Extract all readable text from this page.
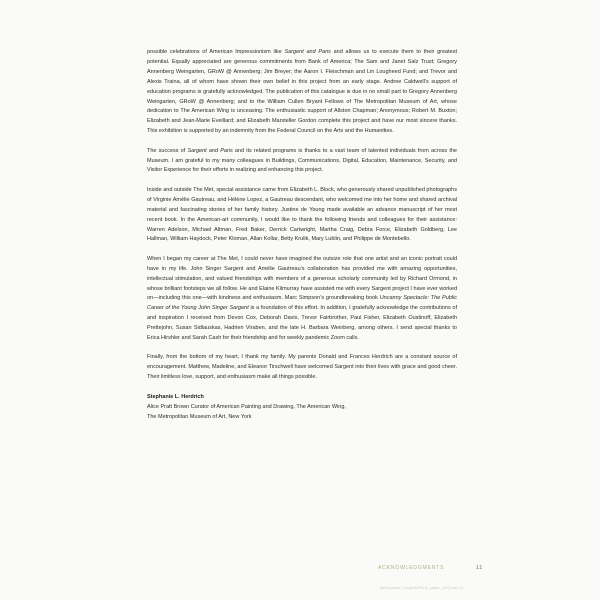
possible celebrations of American Impressionism like Sargent and Paris and allows us to execute them to their greatest potential. Equally appreciated are generous commitments from Bank of America; The Sam and Janet Salz Trust; Gregory Annenberg Weingarten, GRoW @ Annenberg; Jim Breyer; the Aaron I. Fleischman and Lin Lougheed Fund; and Trevor and Alexis Traina, all of whom have shown their own belief in this project from an early stage. Andree Caldwell’s support of education programs is gratefully acknowledged. The publication of this catalogue is due in no small part to Gregory Annenberg Weingarten, GRoW @ Annenberg; and to the William Cullen Bryant Fellows of The Metropolitan Museum of Art, whose dedication to The American Wing is unceasing. The enthusiastic support of Allston Chapman; Anonymous; Robert M. Buxton; Elizabeth and Jean-Marie Eveillard; and Elizabeth Marsteller Gordon complete this project and have our most sincere thanks. This exhibition is supported by an indemnity from the Federal Council on the Arts and the Humanities.

The success of Sargent and Paris and its related programs is thanks to a vast team of talented individuals from across the Museum. I am grateful to my many colleagues in Buildings, Communications, Digital, Education, Maintenance, Security, and Visitor Experience for their efforts in realizing and enhancing this project.

Inside and outside The Met, special assistance came from Elizabeth L. Block, who generously shared unpublished photographs of Virginie Amélie Gautreau, and Hélène Lopez, a Gautreau descendant, who welcomed me into her home and shared archival material and fascinating stories of her family history. Justine de Young made available an advance manuscript of her most recent book. In the American-art community, I would like to thank the following friends and colleagues for their assistance: Warren Adelson, Michael Altman, Fred Baker, Derrick Cartwright, Martha Craig, Debra Force, Elizabeth Goldberg, Lee Hallman, William Haydock, Peter Kloman, Allan Kollar, Betty Krulik, Mary Lublin, and Philippe de Montebello.

When I began my career at The Met, I could never have imagined the outsize role that one artist and an iconic portrait could have in my life. John Singer Sargent and Amélie Gautreau’s collaboration has provided me with amazing opportunities, intellectual stimulation, and valued friendships with members of a generous scholarly community led by Richard Ormond, in whose brilliant footsteps we all follow. He and Elaine Kilmurray have assisted me with every Sargent project I have ever worked on—including this one—with kindness and enthusiasm. Marc Simpson’s groundbreaking book Uncanny Spectacle: The Public Career of the Young John Singer Sargent is a foundation of this effort. In addition, I gratefully acknowledge the contributions of and inspiration I received from Devon Cox, Deborah Davis, Trevor Fairbrother, Paul Fisher, Elizabeth Oustinoff, Elizabeth Prettejohn, Susan Sidlauskas, Hadrien Viraben, and the late H. Barbara Weinberg, among others. I send special thanks to Erica Hirshler and Sarah Cash for their friendship and for weekly pandemic Zoom calls.

Finally, from the bottom of my heart, I thank my family. My parents Donald and Frances Herdrich are a constant source of encouragement. Matthew, Madeline, and Eleanor Tirschwell have welcomed Sargent into their lives with grace and good cheer. Their limitless love, support, and enthusiasm make all things possible.

Stephanie L. Herdrich

Alice Pratt Brown Curator of American Painting and Drawing, The American Wing,

The Metropolitan Museum of Art, New York

ACKNOWLEDGMENTS	11
Metropolitan_Sargent&Paris_pages_2023.indd 11
